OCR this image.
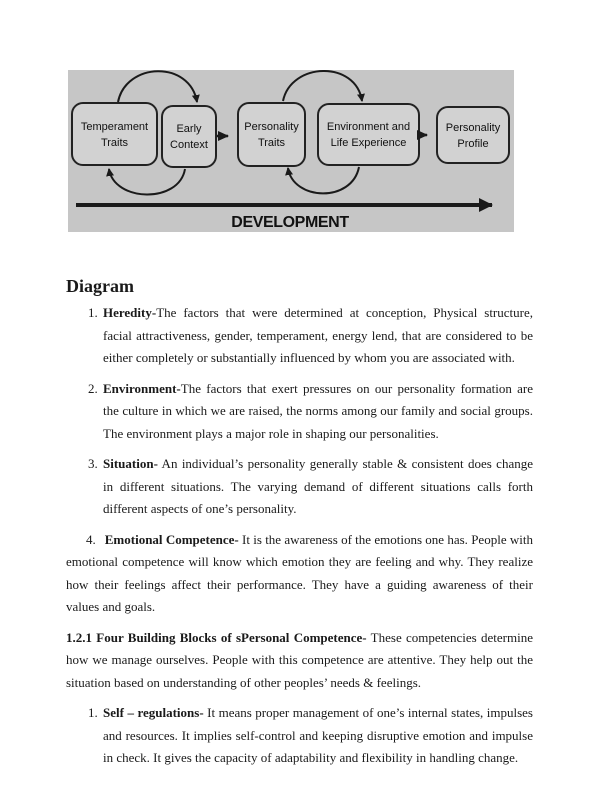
Temperament
Traits
Early
Context
Personality
Traits
Environment and
Life Experience
Personality
Profile
DEVELOPMENT
Diagram
1. Heredity-The factors that were determined at conception, Physical structure, facial attractiveness, gender, temperament, energy lend, that are considered to be either completely or substantially influenced by whom you are associated with.
2. Environment-The factors that exert pressures on our personality formation are the culture in which we are raised, the norms among our family and social groups. The environment plays a major role in shaping our personalities.
3. Situation- An individual’s personality generally stable & consistent does change in different situations. The varying demand of different situations calls forth different aspects of one’s personality.

4. Emotional Competence- It is the awareness of the emotions one has. People with emotional competence will know which emotion they are feeling and why. They realize how their feelings affect their performance. They have a guiding awareness of their values and goals.

1.2.1 Four Building Blocks of sPersonal Competence- These competencies determine how we manage ourselves. People with this competence are attentive. They help out the situation based on understanding of other peoples’ needs & feelings.

1. Self – regulations- It means proper management of one’s internal states, impulses and resources. It implies self-control and keeping disruptive emotion and impulse in check. It gives the capacity of adaptability and flexibility in handling change.
